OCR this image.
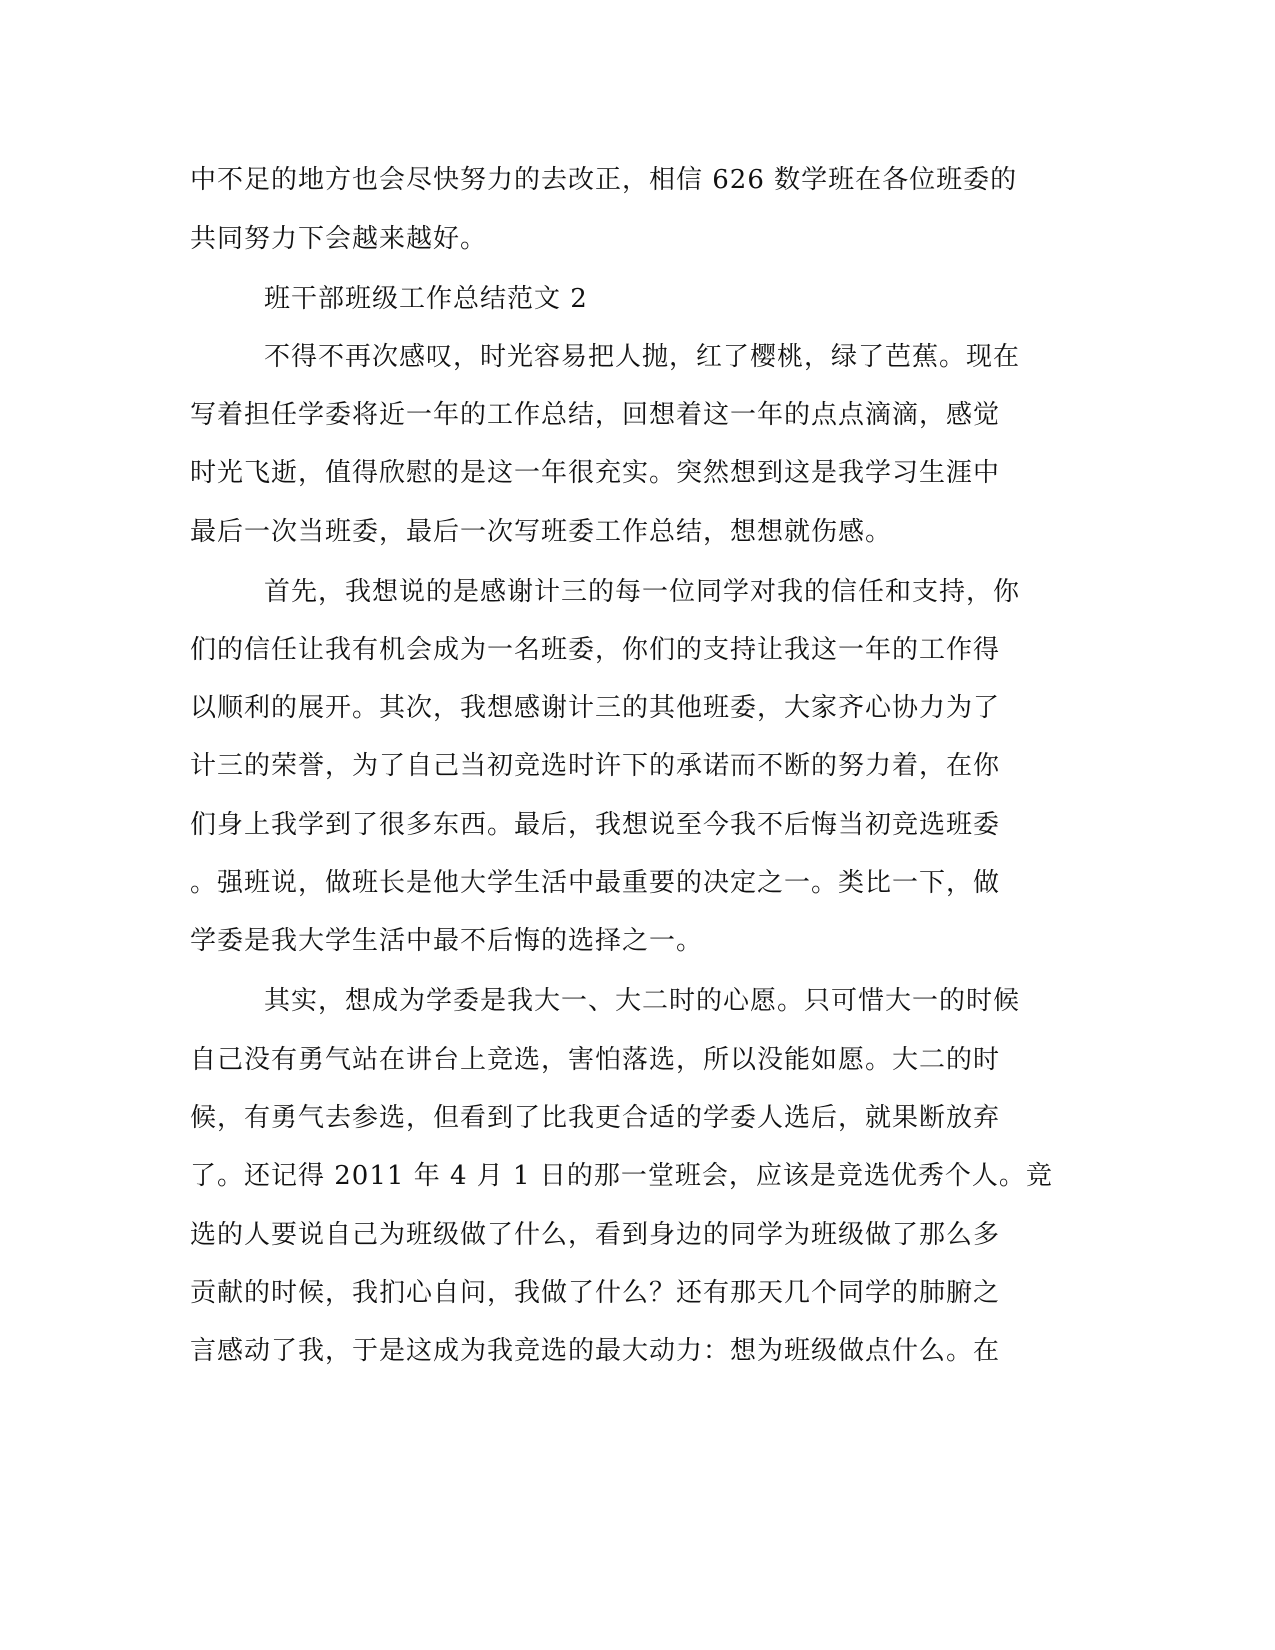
中不足的地方也会尽快努力的去改正，相信 626 数学班在各位班委的
共同努力下会越来越好。
班干部班级工作总结范文 2
不得不再次感叹，时光容易把人抛，红了樱桃，绿了芭蕉。现在
写着担任学委将近一年的工作总结，回想着这一年的点点滴滴，感觉
时光飞逝，值得欣慰的是这一年很充实。突然想到这是我学习生涯中
最后一次当班委，最后一次写班委工作总结，想想就伤感。
首先，我想说的是感谢计三的每一位同学对我的信任和支持，你
们的信任让我有机会成为一名班委，你们的支持让我这一年的工作得
以顺利的展开。其次，我想感谢计三的其他班委，大家齐心协力为了
计三的荣誉，为了自己当初竞选时许下的承诺而不断的努力着，在你
们身上我学到了很多东西。最后，我想说至今我不后悔当初竞选班委
。强班说，做班长是他大学生活中最重要的决定之一。类比一下，做
学委是我大学生活中最不后悔的选择之一。
其实，想成为学委是我大一、大二时的心愿。只可惜大一的时候
自己没有勇气站在讲台上竞选，害怕落选，所以没能如愿。大二的时
候，有勇气去参选，但看到了比我更合适的学委人选后，就果断放弃
了。还记得 2011 年 4 月 1 日的那一堂班会，应该是竞选优秀个人。竞
选的人要说自己为班级做了什么，看到身边的同学为班级做了那么多
贡献的时候，我扪心自问，我做了什么？还有那天几个同学的肺腑之
言感动了我，于是这成为我竞选的最大动力：想为班级做点什么。在
